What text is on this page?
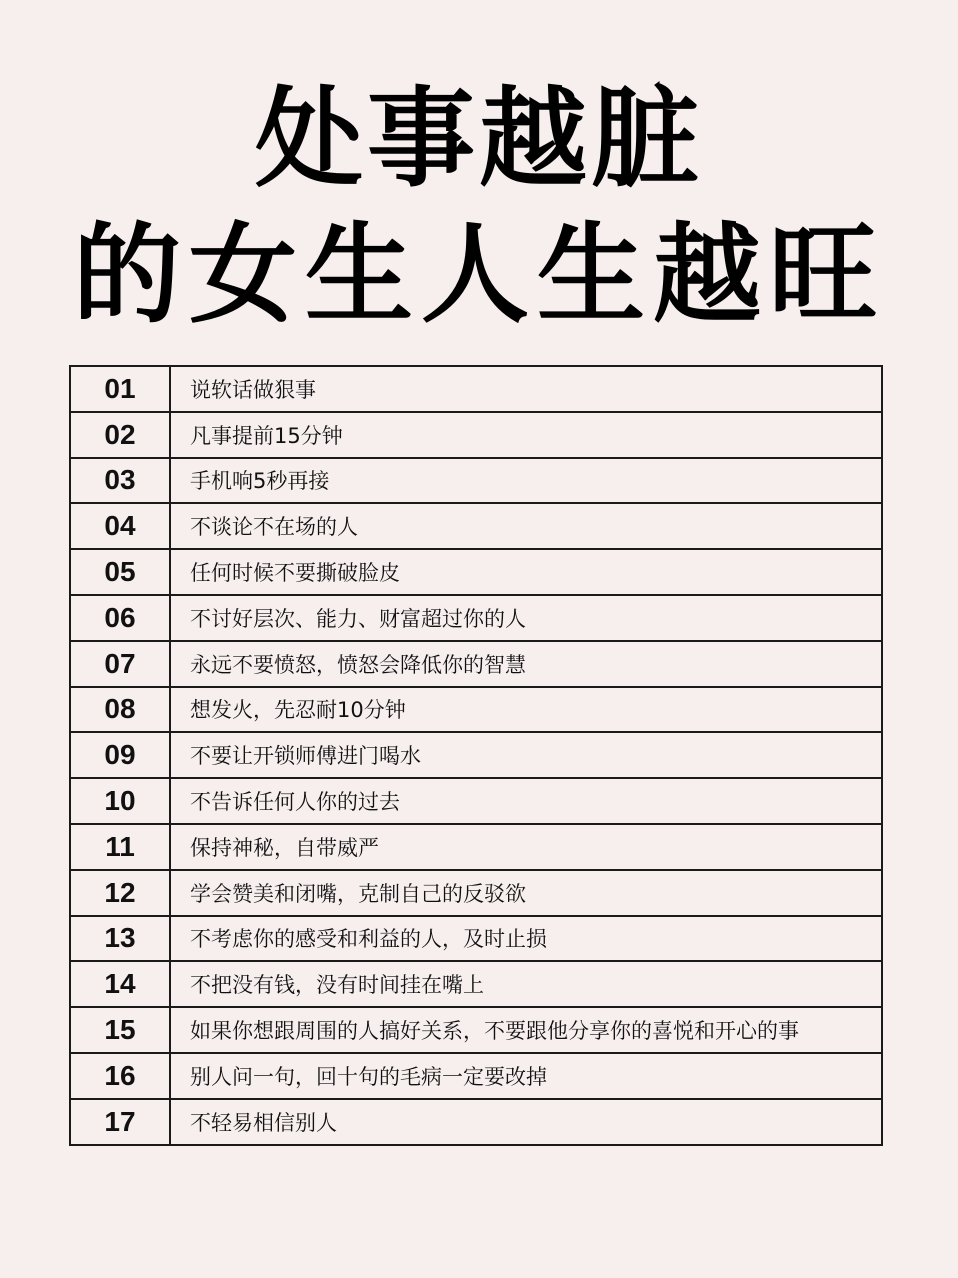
处事越脏
的女生人生越旺
01	说软话做狠事
02	凡事提前15分钟
03	手机响5秒再接
04	不谈论不在场的人
05	任何时候不要撕破脸皮
06	不讨好层次、能力、财富超过你的人
07	永远不要愤怒，愤怒会降低你的智慧
08	想发火，先忍耐10分钟
09	不要让开锁师傅进门喝水
10	不告诉任何人你的过去
11	保持神秘，自带威严
12	学会赞美和闭嘴，克制自己的反驳欲
13	不考虑你的感受和利益的人，及时止损
14	不把没有钱，没有时间挂在嘴上
15	如果你想跟周围的人搞好关系，不要跟他分享你的喜悦和开心的事
16	别人问一句，回十句的毛病一定要改掉
17	不轻易相信别人
